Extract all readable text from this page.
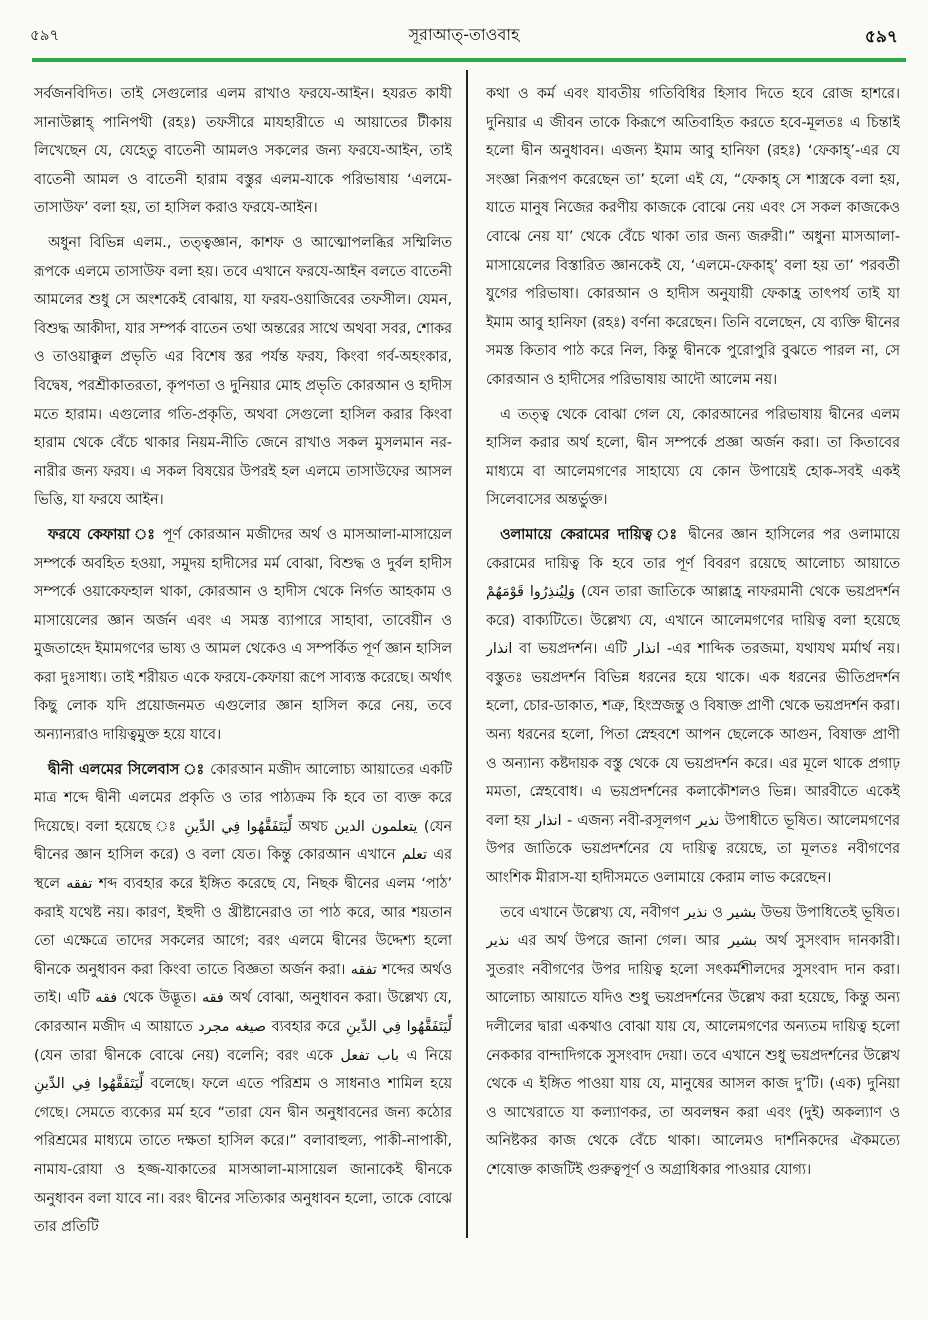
৫৯৭	সূরাআত্-তাওবাহ	৫৯৭

সর্বজনবিদিত। তাই সেগুলোর এলম রাখাও ফরযে-আইন। হযরত কাযী সানাউল্লাহ্ পানিপথী (রহঃ) তফসীরে মাযহারীতে এ আয়াতের টীকায় লিখেছেন যে, যেহেতু বাতেনী আমলও সকলের জন্য ফরযে-আইন, তাই বাতেনী আমল ও বাতেনী হারাম বস্তুর এলম-যাকে পরিভাষায় ‘এলমে-তাসাউফ’ বলা হয়, তা হাসিল করাও ফরযে-আইন।

অধুনা বিভিন্ন এলম., তত্ত্বজ্ঞান, কাশফ ও আত্মোপলব্ধির সম্মিলিত রূপকে এলমে তাসাউফ বলা হয়। তবে এখানে ফরযে-আইন বলতে বাতেনী আমলের শুধু সে অংশকেই বোঝায়, যা ফরয-ওয়াজিবের তফসীল। যেমন, বিশুদ্ধ আকীদা, যার সম্পর্ক বাতেন তথা অন্তরের সাথে অথবা সবর, শোকর ও তাওয়াক্কুল প্রভৃতি এর বিশেষ স্তর পর্যন্ত ফরয, কিংবা গর্ব-অহংকার, বিদ্বেষ, পরশ্রীকাতরতা, কৃপণতা ও দুনিয়ার মোহ প্রভৃতি কোরআন ও হাদীস মতে হারাম। এগুলোর গতি-প্রকৃতি, অথবা সেগুলো হাসিল করার কিংবা হারাম থেকে বেঁচে থাকার নিয়ম-নীতি জেনে রাখাও সকল মুসলমান নর-নারীর জন্য ফরয। এ সকল বিষয়ের উপরই হল এলমে তাসাউফের আসল ভিত্তি, যা ফরযে আইন।

ফরযে কেফায়া ঃ পূর্ণ কোরআন মজীদের অর্থ ও মাসআলা-মাসায়েল সম্পর্কে অবহিত হওয়া, সমুদয় হাদীসের মর্ম বোঝা, বিশুদ্ধ ও দুর্বল হাদীস সম্পর্কে ওয়াকেফহাল থাকা, কোরআন ও হাদীস থেকে নির্গত আহকাম ও মাসায়েলের জ্ঞান অর্জন এবং এ সমস্ত ব্যাপারে সাহাবা, তাবেয়ীন ও মুজতাহেদ ইমামগণের ভাষ্য ও আমল থেকেও এ সম্পর্কিত পূর্ণ জ্ঞান হাসিল করা দুঃসাধ্য। তাই শরীয়ত একে ফরযে-কেফায়া রূপে সাব্যস্ত করেছে। অর্থাৎ কিছু লোক যদি প্রয়োজনমত এগুলোর জ্ঞান হাসিল করে নেয়, তবে অন্যান্যরাও দায়িত্বমুক্ত হয়ে যাবে।

দ্বীনী এলমের সিলেবাস ঃ কোরআন মজীদ আলোচ্য আয়াতের একটি মাত্র শব্দে দ্বীনী এলমের প্রকৃতি ও তার পাঠ্যক্রম কি হবে তা ব্যক্ত করে দিয়েছে। বলা হয়েছে ঃ لِّيَتَفَقَّهُوا فِي الدِّينِ অথচ يتعلمون الدين (যেন দ্বীনের জ্ঞান হাসিল করে) ও বলা যেত। কিন্তু কোরআন এখানে تعلم এর স্থলে تفقه শব্দ ব্যবহার করে ইঙ্গিত করেছে যে, নিছক দ্বীনের এলম ‘পাঠ’ করাই যথেষ্ট নয়। কারণ, ইহুদী ও খ্রীষ্টানেরাও তা পাঠ করে, আর শয়তান তো এক্ষেত্রে তাদের সকলের আগে; বরং এলমে দ্বীনের উদ্দেশ্য হলো দ্বীনকে অনুধাবন করা কিংবা তাতে বিজ্ঞতা অর্জন করা। تفقه শব্দের অর্থও তাই। এটি فقه থেকে উদ্ভূত। فقه অর্থ বোঝা, অনুধাবন করা। উল্লেখ্য যে, কোরআন মজীদ এ আয়াতে صيغه مجرد ব্যবহার করে لِّيَتَفَقَّهُوا فِي الدِّينِ (যেন তারা দ্বীনকে বোঝে নেয়) বলেনি; বরং একে باب تفعل এ নিয়ে لِّيَتَفَقَّهُوا فِي الدِّينِ বলেছে। ফলে এতে পরিশ্রম ও সাধনাও শামিল হয়ে গেছে। সেমতে ব্যক্যের মর্ম হবে “তারা যেন দ্বীন অনুধাবনের জন্য কঠোর পরিশ্রমের মাধ্যমে তাতে দক্ষতা হাসিল করে।” বলাবাহুল্য, পাকী-নাপাকী, নামায-রোযা ও হজ্জ-যাকাতের মাসআলা-মাসায়েল জানাকেই দ্বীনকে অনুধাবন বলা যাবে না। বরং দ্বীনের সত্যিকার অনুধাবন হলো, তাকে বোঝে তার প্রতিটি

কথা ও কর্ম এবং যাবতীয় গতিবিধির হিসাব দিতে হবে রোজ হাশরে। দুনিয়ার এ জীবন তাকে কিরূপে অতিবাহিত করতে হবে-মূলতঃ এ চিন্তাই হলো দ্বীন অনুধাবন। এজন্য ইমাম আবু হানিফা (রহঃ) ‘ফেকাহ্’-এর যে সংজ্ঞা নিরূপণ করেছেন তা’ হলো এই যে, “ফেকাহ্ সে শাস্ত্রকে বলা হয়, যাতে মানুষ নিজের করণীয় কাজকে বোঝে নেয় এবং সে সকল কাজকেও বোঝে নেয় যা’ থেকে বেঁচে থাকা তার জন্য জরুরী।” অধুনা মাসআলা-মাসায়েলের বিস্তারিত জ্ঞানকেই যে, ‘এলমে-ফেকাহ্’ বলা হয় তা’ পরবর্তী যুগের পরিভাষা। কোরআন ও হাদীস অনুযায়ী ফেকাহ্র তাৎপর্য তাই যা ইমাম আবু হানিফা (রহঃ) বর্ণনা করেছেন। তিনি বলেছেন, যে ব্যক্তি দ্বীনের সমস্ত কিতাব পাঠ করে নিল, কিন্তু দ্বীনকে পুরোপুরি বুঝতে পারল না, সে কোরআন ও হাদীসের পরিভাষায় আদৌ আলেম নয়।

এ তত্ত্ব থেকে বোঝা গেল যে, কোরআনের পরিভাষায় দ্বীনের এলম হাসিল করার অর্থ হলো, দ্বীন সম্পর্কে প্রজ্ঞা অর্জন করা। তা কিতাবের মাধ্যমে বা আলেমগণের সাহায্যে যে কোন উপায়েই হোক-সবই একই সিলেবাসের অন্তর্ভুক্ত।

ওলামায়ে কেরামের দায়িত্ব ঃ দ্বীনের জ্ঞান হাসিলের পর ওলামায়ে কেরামের দায়িত্ব কি হবে তার পূর্ণ বিবরণ রয়েছে আলোচ্য আয়াতে وَلِيُنذِرُوا قَوْمَهُمْ (যেন তারা জাতিকে আল্লাহ্র নাফরমানী থেকে ভয়প্রদর্শন করে) বাক্যটিতে। উল্লেখ্য যে, এখানে আলেমগণের দায়িত্ব বলা হয়েছে انذار বা ভয়প্রদর্শন। এটি انذار -এর শাব্দিক তরজমা, যথাযথ মর্মার্থ নয়। বস্তুতঃ ভয়প্রদর্শন বিভিন্ন ধরনের হয়ে থাকে। এক ধরনের ভীতিপ্রদর্শন হলো, চোর-ডাকাত, শত্রু, হিংস্রজন্তু ও বিষাক্ত প্রাণী থেকে ভয়প্রদর্শন করা। অন্য ধরনের হলো, পিতা স্নেহবশে আপন ছেলেকে আগুন, বিষাক্ত প্রাণী ও অন্যান্য কষ্টদায়ক বস্তু থেকে যে ভয়প্রদর্শন করে। এর মূলে থাকে প্রগাঢ় মমতা, স্নেহবোধ। এ ভয়প্রদর্শনের কলাকৌশলও ভিন্ন। আরবীতে একেই বলা হয় انذار - এজন্য নবী-রসূলগণ نذير উপাধীতে ভূষিত। আলেমগণের উপর জাতিকে ভয়প্রদর্শনের যে দায়িত্ব রয়েছে, তা মূলতঃ নবীগণের আংশিক মীরাস-যা হাদীসমতে ওলামায়ে কেরাম লাভ করেছেন।

তবে এখানে উল্লেখ্য যে, নবীগণ نذير ও بشير উভয় উপাধিতেই ভূষিত। نذير এর অর্থ উপরে জানা গেল। আর بشير অর্থ সুসংবাদ দানকারী। সুতরাং নবীগণের উপর দায়িত্ব হলো সৎকর্মশীলদের সুসংবাদ দান করা। আলোচ্য আয়াতে যদিও শুধু ভয়প্রদর্শনের উল্লেখ করা হয়েছে, কিন্তু অন্য দলীলের দ্বারা একথাও বোঝা যায় যে, আলেমগণের অন্যতম দায়িত্ব হলো নেককার বান্দাদিগকে সুসংবাদ দেয়া। তবে এখানে শুধু ভয়প্রদর্শনের উল্লেখ থেকে এ ইঙ্গিত পাওয়া যায় যে, মানুষের আসল কাজ দু’টি। (এক) দুনিয়া ও আখেরাতে যা কল্যাণকর, তা অবলম্বন করা এবং (দুই) অকল্যাণ ও অনিষ্টকর কাজ থেকে বেঁচে থাকা। আলেমও দার্শনিকদের ঐকমত্যে শেষোক্ত কাজটিই গুরুত্বপূর্ণ ও অগ্রাধিকার পাওয়ার যোগ্য।
